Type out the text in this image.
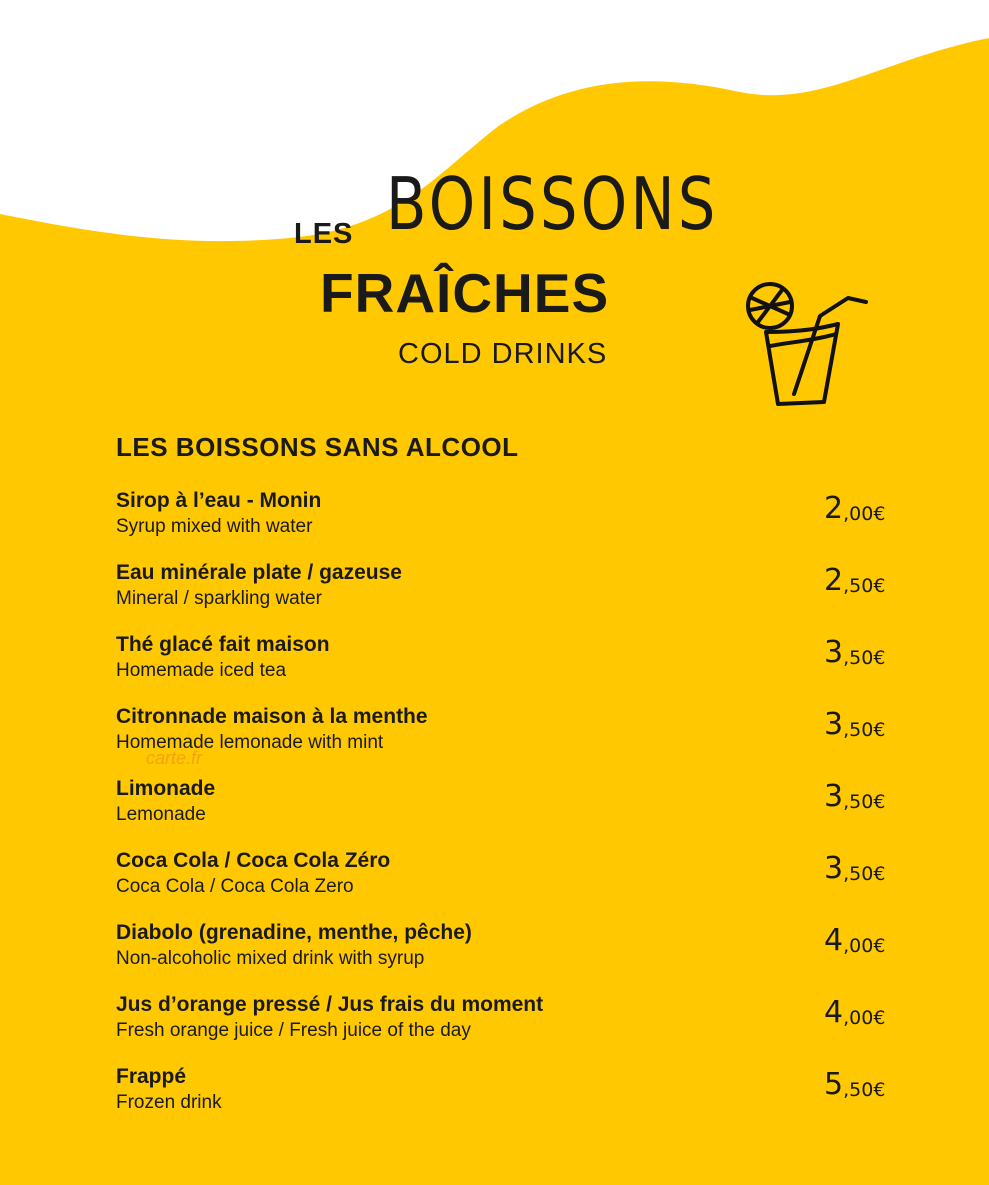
LES BOISSONS
FRAÎCHES
COLD DRINKS
LES BOISSONS SANS ALCOOL
Sirop à l’eau - Monin
Syrup mixed with water
2,00€
Eau minérale plate / gazeuse
Mineral / sparkling water
2,50€
Thé glacé fait maison
Homemade iced tea
3,50€
Citronnade maison à la menthe
Homemade lemonade with mint
3,50€
Limonade
Lemonade
3,50€
Coca Cola / Coca Cola Zéro
Coca Cola / Coca Cola Zero
3,50€
Diabolo (grenadine, menthe, pêche)
Non-alcoholic mixed drink with syrup
4,00€
Jus d’orange pressé / Jus frais du moment
Fresh orange juice / Fresh juice of the day
4,00€
Frappé
Frozen drink
5,50€
carte.fr
